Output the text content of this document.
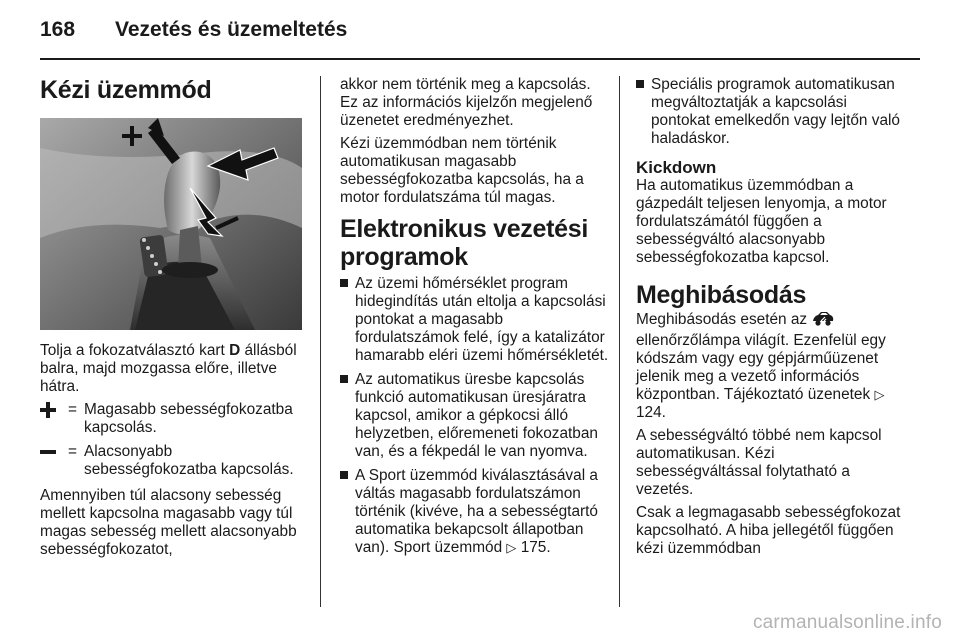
168 Vezetés és üzemeltetés
Kézi üzemmód

Tolja a fokozatválasztó kart D állásból balra, majd mozgassa előre, illetve hátra.

= Magasabb sebességfokozatba kapcsolás.
= Alacsonyabb sebességfokozatba kapcsolás.

Amennyiben túl alacsony sebesség mellett kapcsolna magasabb vagy túl magas sebesség mellett alacsonyabb sebességfokozatot,

akkor nem történik meg a kapcsolás. Ez az információs kijelzőn megjelenő üzenetet eredményezhet.

Kézi üzemmódban nem történik automatikusan magasabb sebességfokozatba kapcsolás, ha a motor fordulatszáma túl magas.

Elektronikus vezetési programok
Az üzemi hőmérséklet program hidegindítás után eltolja a kapcsolási pontokat a magasabb fordulatszámok felé, így a katalizátor hamarabb eléri üzemi hőmérsékletét.
Az automatikus üresbe kapcsolás funkció automatikusan üresjáratra kapcsol, amikor a gépkocsi álló helyzetben, előremeneti fokozatban van, és a fékpedál le van nyomva.
A Sport üzemmód kiválasztásával a váltás magasabb fordulatszámon történik (kivéve, ha a sebességtartó automatika bekapcsolt állapotban van). Sport üzemmód ▷ 175.
Speciális programok automatikusan megváltoztatják a kapcsolási pontokat emelkedőn vagy lejtőn való haladáskor.
Kickdown

Ha automatikus üzemmódban a gázpedált teljesen lenyomja, a motor fordulatszámától függően a sebességváltó alacsonyabb sebességfokozatba kapcsol.

Meghibásodás

Meghibásodás esetén az
ellenőrzőlámpa világít. Ezenfelül egy kódszám vagy egy gépjárműüzenet jelenik meg a vezető információs központban. Tájékoztató üzenetek ▷ 124.

A sebességváltó többé nem kapcsol automatikusan. Kézi sebességváltással folytatható a vezetés.

Csak a legmagasabb sebességfokozat kapcsolható. A hiba jellegétől függően kézi üzemmódban

carmanualsonline.info
